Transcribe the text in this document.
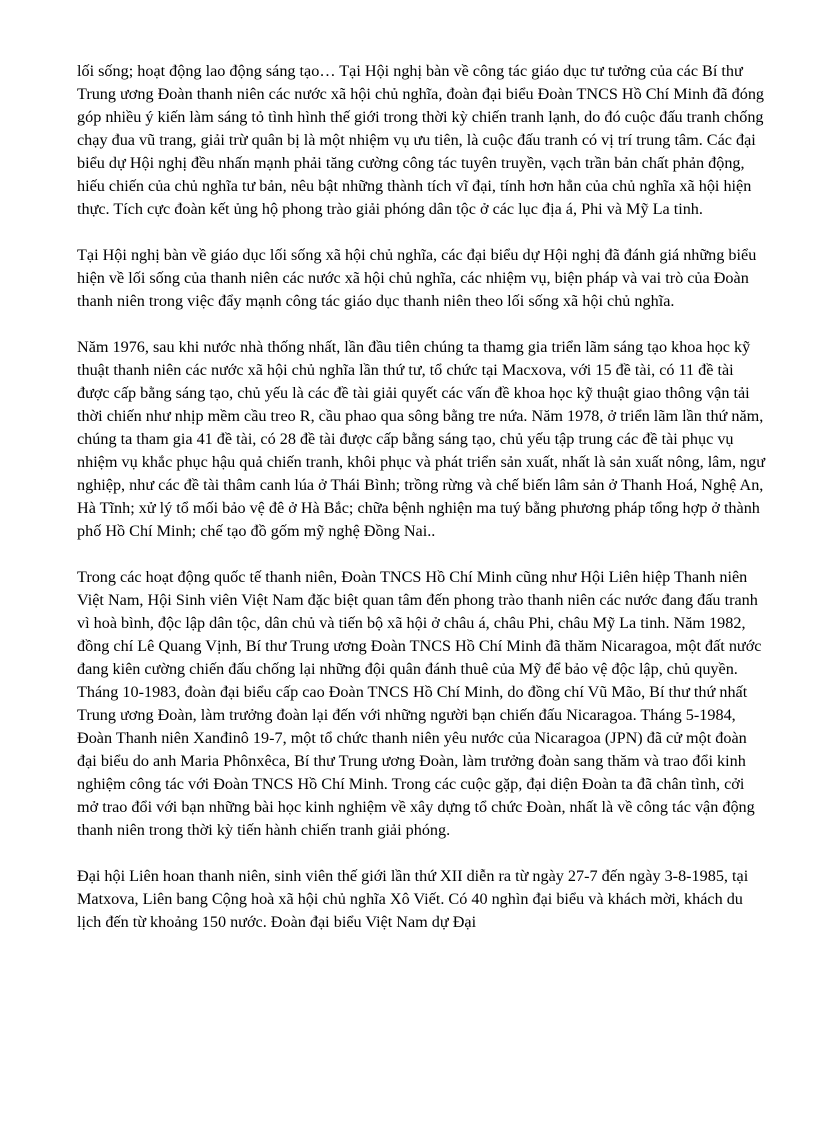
lối sống; hoạt động lao động sáng tạo… Tại Hội nghị bàn về công tác giáo dục tư tưởng của các Bí thư Trung ương Đoàn thanh niên các nước xã hội chủ nghĩa, đoàn đại biểu Đoàn TNCS Hồ Chí Minh đã đóng góp nhiều ý kiến làm sáng tỏ tình hình thế giới trong thời kỳ chiến tranh lạnh, do đó cuộc đấu tranh chống chạy đua vũ trang, giải trừ quân bị là một nhiệm vụ ưu tiên, là cuộc đấu tranh có vị trí trung tâm. Các đại biểu dự Hội nghị đều nhấn mạnh phải tăng cường công tác tuyên truyền, vạch trần bản chất phản động, hiếu chiến của chủ nghĩa tư bản, nêu bật những thành tích vĩ đại, tính hơn hẳn của chủ nghĩa xã hội hiện thực. Tích cực đoàn kết ủng hộ phong trào giải phóng dân tộc ở các lục địa á, Phi và Mỹ La tinh.

Tại Hội nghị bàn về giáo dục lối sống xã hội chủ nghĩa, các đại biểu dự Hội nghị đã đánh giá những biểu hiện về lối sống của thanh niên các nước xã hội chủ nghĩa, các nhiệm vụ, biện pháp và vai trò của Đoàn thanh niên trong việc đẩy mạnh công tác giáo dục thanh niên theo lối sống xã hội chủ nghĩa.

Năm 1976, sau khi nước nhà thống nhất, lần đầu tiên chúng ta thamg gia triển lãm sáng tạo khoa học kỹ thuật thanh niên các nước xã hội chủ nghĩa lần thứ tư, tổ chức tại Macxova, với 15 đề tài, có 11 đề tài được cấp bằng sáng tạo, chủ yếu là các đề tài giải quyết các vấn đề khoa học kỹ thuật giao thông vận tải thời chiến như nhịp mềm cầu treo R, cầu phao qua sông bằng tre nứa. Năm 1978, ở triển lãm lần thứ năm, chúng ta tham gia 41 đề tài, có 28 đề tài được cấp bằng sáng tạo, chủ yếu tập trung các đề tài phục vụ nhiệm vụ khắc phục hậu quả chiến tranh, khôi phục và phát triển sản xuất, nhất là sản xuất nông, lâm, ngư nghiệp, như các đề tài thâm canh lúa ở Thái Bình; trồng rừng và chế biến lâm sản ở Thanh Hoá, Nghệ An, Hà Tĩnh; xử lý tổ mối bảo vệ đê ở Hà Bắc; chữa bệnh nghiện ma tuý bằng phương pháp tổng hợp ở thành phố Hồ Chí Minh; chế tạo đồ gốm mỹ nghệ Đồng Nai..

Trong các hoạt động quốc tế thanh niên, Đoàn TNCS Hồ Chí Minh cũng như Hội Liên hiệp Thanh niên Việt Nam, Hội Sinh viên Việt Nam đặc biệt quan tâm đến phong trào thanh niên các nước đang đấu tranh vì hoà bình, độc lập dân tộc, dân chủ và tiến bộ xã hội ở châu á, châu Phi, châu Mỹ La tinh. Năm 1982, đồng chí Lê Quang Vịnh, Bí thư Trung ương Đoàn TNCS Hồ Chí Minh đã thăm Nicaragoa, một đất nước đang kiên cường chiến đấu chống lại những đội quân đánh thuê của Mỹ để bảo vệ độc lập, chủ quyền. Tháng 10-1983, đoàn đại biểu cấp cao Đoàn TNCS Hồ Chí Minh, do đồng chí Vũ Mão, Bí thư thứ nhất Trung ương Đoàn, làm trưởng đoàn lại đến với những người bạn chiến đấu Nicaragoa. Tháng 5-1984, Đoàn Thanh niên Xanđinô 19-7, một tổ chức thanh niên yêu nước của Nicaragoa (JPN) đã cử một đoàn đại biểu do anh Maria Phônxêca, Bí thư Trung ương Đoàn, làm trưởng đoàn sang thăm và trao đổi kinh nghiệm công tác với Đoàn TNCS Hồ Chí Minh. Trong các cuộc gặp, đại diện Đoàn ta đã chân tình, cởi mở trao đổi với bạn những bài học kinh nghiệm về xây dựng tổ chức Đoàn, nhất là về công tác vận động thanh niên trong thời kỳ tiến hành chiến tranh giải phóng.

Đại hội Liên hoan thanh niên, sinh viên thế giới lần thứ XII diễn ra từ ngày 27-7 đến ngày 3-8-1985, tại Matxova, Liên bang Cộng hoà xã hội chủ nghĩa Xô Viết. Có 40 nghìn đại biểu và khách mời, khách du lịch đến từ khoảng 150 nước. Đoàn đại biểu Việt Nam dự Đại
